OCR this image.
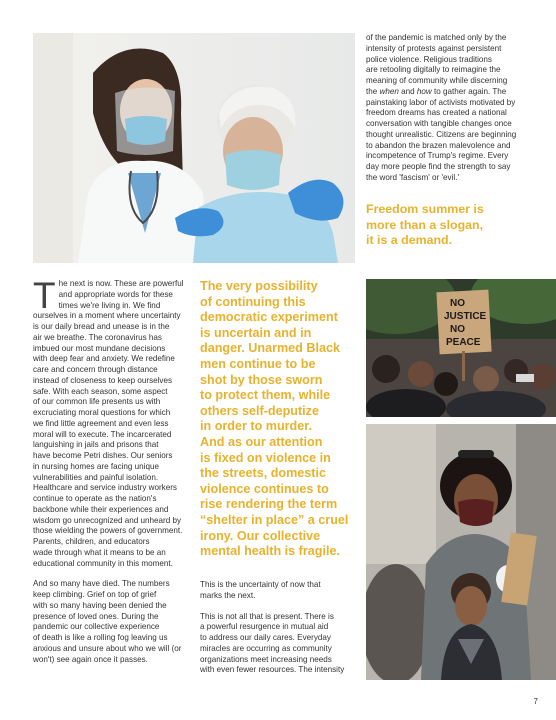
of the pandemic is matched only by the
intensity of protests against persistent
police violence. Religious traditions
are retooling digitally to reimagine the
meaning of community while discerning
the when and how to gather again. The
painstaking labor of activists motivated by
freedom dreams has created a national
conversation with tangible changes once
thought unrealistic. Citizens are beginning
to abandon the brazen malevolence and
incompetence of Trump's regime. Every
day more people find the strength to say
the word 'fascism' or 'evil.'
Freedom summer is
more than a slogan,
it is a demand.
T he next is now. These are powerful
and appropriate words for these
times we're living in. We find
ourselves in a moment where uncertainty
is our daily bread and unease is in the
air we breathe. The coronavirus has
imbued our most mundane decisions
with deep fear and anxiety. We redefine
care and concern through distance
instead of closeness to keep ourselves
safe. With each season, some aspect
of our common life presents us with
excruciating moral questions for which
we find little agreement and even less
moral will to execute. The incarcerated
languishing in jails and prisons that
have become Petri dishes. Our seniors
in nursing homes are facing unique
vulnerabilities and painful isolation.
Healthcare and service industry workers
continue to operate as the nation's
backbone while their experiences and
wisdom go unrecognized and unheard by
those wielding the powers of government.
Parents, children, and educators
wade through what it means to be an
educational community in this moment.

And so many have died. The numbers
keep climbing. Grief on top of grief
with so many having been denied the
presence of loved ones. During the
pandemic our collective experience
of death is like a rolling fog leaving us
anxious and unsure about who we will (or
won't) see again once it passes.

The very possibility
of continuing this
democratic experiment
is uncertain and in
danger. Unarmed Black
men continue to be
shot by those sworn
to protect them, while
others self-deputize
in order to murder.
And as our attention
is fixed on violence in
the streets, domestic
violence continues to
rise rendering the term
“shelter in place” a cruel
irony. Our collective
mental health is fragile.

This is the uncertainty of now that
marks the next.

This is not all that is present. There is
a powerful resurgence in mutual aid
to address our daily cares. Everyday
miracles are occurring as community
organizations meet increasing needs
with even fewer resources. The intensity

NO
JUSTICE
NO
PEACE
7
